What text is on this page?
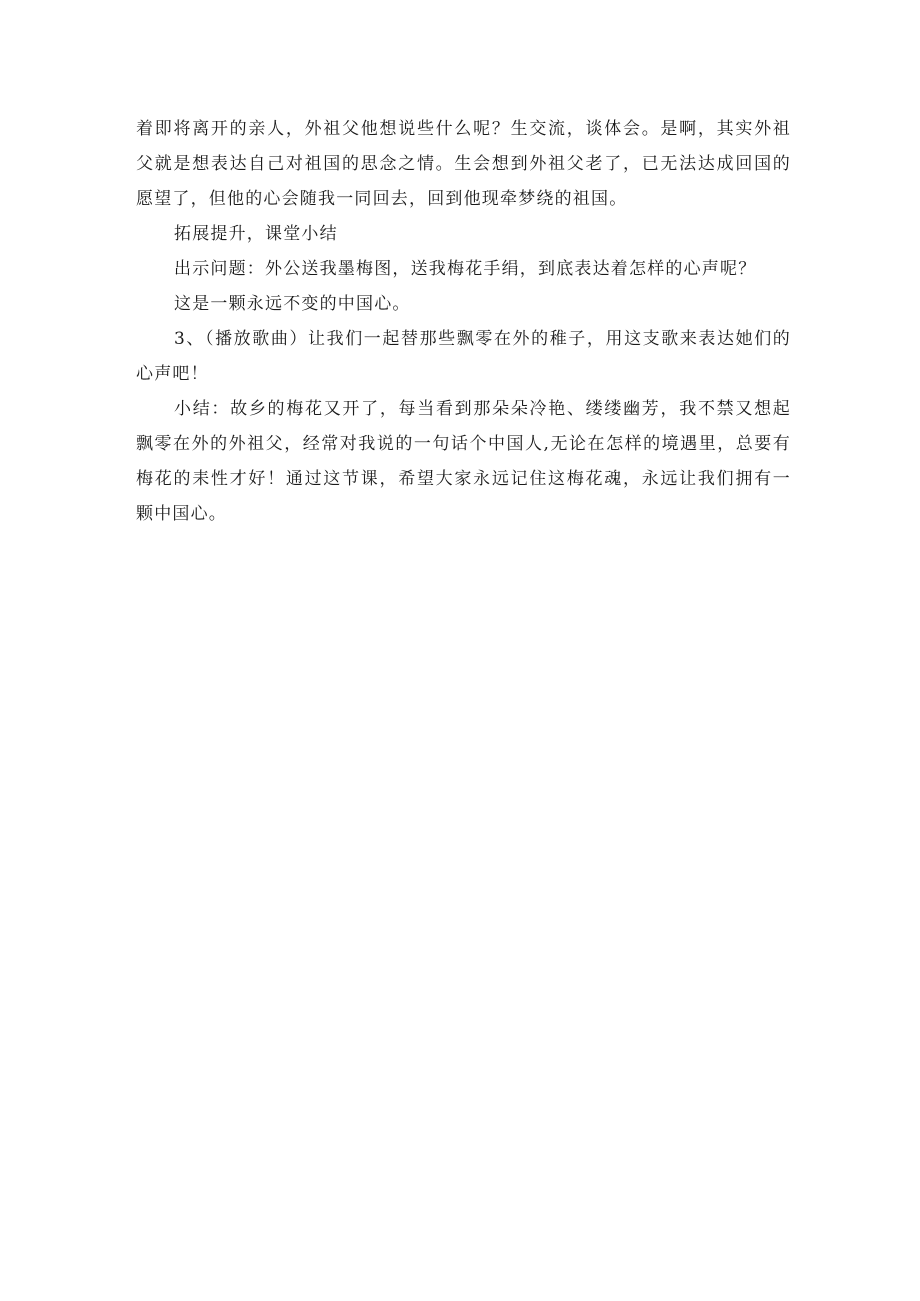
着即将离开的亲人，外祖父他想说些什么呢？生交流，谈体会。是啊，其实外祖父就是想表达自己对祖国的思念之情。生会想到外祖父老了，已无法达成回国的愿望了，但他的心会随我一同回去，回到他现牵梦绕的祖国。

拓展提升，课堂小结

出示问题：外公送我墨梅图，送我梅花手绢，到底表达着怎样的心声呢？

这是一颗永远不变的中国心。

3、（播放歌曲）让我们一起替那些飘零在外的稚子，用这支歌来表达她们的心声吧！

小结：故乡的梅花又开了，每当看到那朵朵冷艳、缕缕幽芳，我不禁又想起飘零在外的外祖父，经常对我说的一句话个中国人,无论在怎样的境遇里，总要有梅花的耒性才好！通过这节课，希望大家永远记住这梅花魂，永远让我们拥有一颗中国心。
